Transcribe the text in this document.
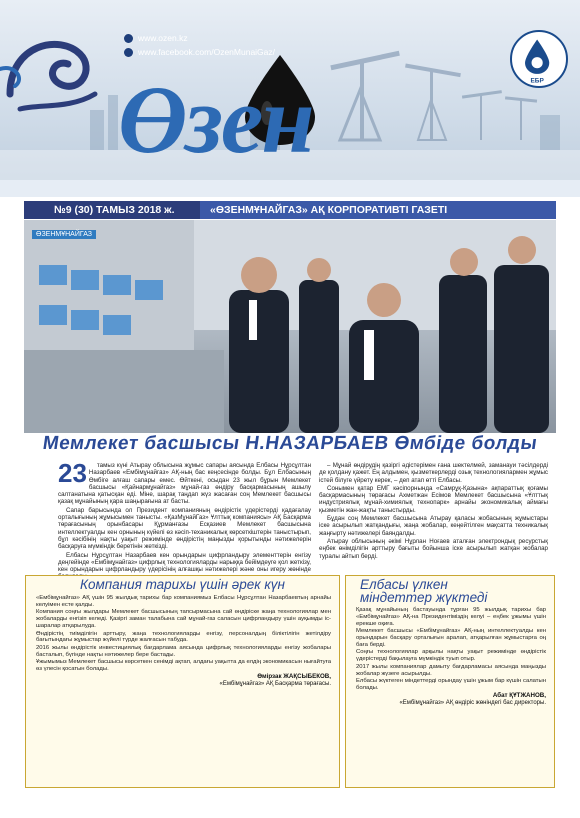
www.ozen.kz
www.facebook.com/OzenMunaiGaz/
Өзен	ЕБР
№9 (30) ТАМЫЗ 2018 ж.	«ӨЗЕНМҰНАЙГАЗ» АҚ КОРПОРАТИВТІ ГАЗЕТІ
ӨЗЕНМҰНАЙГАЗ
Мемлекет басшысы Н.НАЗАРБАЕВ Өмбіде болды
23	тамыз күні Атырау облысына жұмыс сапары аясында Елбасы Нұрсұлтан Назарбаев «Ембімұнайгаз» АҚ-ның бас кеңсесінде болды. Бұл Елбасының Өмбіге алғаш сапары емес. Өйткені, осыдан 23 жыл бұрын Мемлекет басшысы «Қайнармұнайгаз» мұнай-газ өндіру басқармасының ашылу салтанатына қатысқан еді. Міне, шарақ таңдап жүз жасаған соң Мемлекет басшысы қазақ мұнайының қара шаңырағына ат басты.

Сапар барысында ол Президент компанияның өндірістік үдерістерді қадағалау орталығының жұмысымен танысты. «ҚазМұнайГаз» Ұлттық компаниясы» АҚ Басқарма төрағасының орынбасары Құрманғазы Есқазиев Мемлекет басшысына интеллектуалды кен орнының күйелі өз кәсіп-теханикалық көрсеткіштерін таныстырып, бұл кәсібінің нақты уақыт режимінде өндірістің маңызды қорытынды нәтижелерін басқаруға мүмкіндік беретінін жеткізді.

Елбасы Нұрсұлтан Назарбаев кен орындарын цифрландыру элементтерін енгізу деңгейінде «Ембімұнайгаз» цифрлық технологияларды нарыққа бейімдеуге қол жеткізу, кен орындарын цифрландыру үдерісінің алғашқы нәтижелері және оны игеру жөнінде

– Мұнай өндірудің қазіргі әдістерімен ғана шектелмей, заманауи тәсілдерді де қолдану қажет. Ең алдымен, қызметкерлерді озық технологиялармен жұмыс істей білуге үйрету керек, – деп атап өтті Елбасы.

Сонымен қатар ЕМГ кәсіпорнында «Самрұқ-Қазына» ақпараттық қоғамы басқармасының төрағасы Ахметжан Есімов Мемлекет басшысына «Ұлттық индустриялық мұнай-химиялық технопарк» арнайы экономикалық аймағы қызметін жан-жақты таныстырды.

Бұдан соң Мемлекет басшысына Атырау қаласы жобасының жұмыстары іске асырылып жатқандығы, жаңа жобалар, кеңейтілген мақсатта техникалық жаңғырту нәтижелері баяндалды.

Атырау облысының әкімі Нұрлан Ноғаев аталған электрондық ресурстық еңбек өнімділігін арттыру бағыты бойынша іске асырылып жатқан жобалар туралы айтып берді.

Компания тарихы үшін әрек күн

«Ембімұнайгаз» АҚ үшін 95 жылдық тарихы бар компаниямыз Елбасы Нұрсұлтан Назарбаевтың арнайы келуімен есте қалды.

Компания соңғы жылдары Мемлекет басшысының тапсырмасына сай өндіріске жаңа технологиялар мен жобаларды енгізіп келеді. Қазіргі заман талабына сай мұнай-газ саласын цифрландыру үшін ауқымды іс-шаралар атқарылуда.

Өндірістің тиімділігін арттыру, жаңа технологияларды енгізу, персоналдың біліктілігін жетілдіру бағытындағы жұмыстар жүйелі түрде жалғасын табуда.

2016 жылы өндірістік инвестициялық бағдарлама аясында цифрлық технологияларды енгізу жобалары басталып, бүгінде нақты нәтижелер бере бастады.

Ұжымымыз Мемлекет басшысы көрсеткен сенімді ақтап, алдағы уақытта да елдің экономикасын нығайтуға өз үлесін қосатын болады.

Өмірзак ЖАҚСЫБЕКОВ,
«Ембімұнайгаз» АҚ Басқарма төрағасы.
Елбасы үлкен
міндеттер жүктеді

Қазақ мұнайының бастауында тұрған 95 жылдық тарихы бар «Ембімұнайгаз» АҚ-на Президентіміздің келуі – еңбек ұжымы үшін ерекше оқиға.

Мемлекет басшысы «Ембімұнайгаз» АҚ-ның интеллектуалды кен орындарын басқару орталығын аралап, атқарылған жұмыстарға оң баға берді.

Соңғы технологиялар арқылы нақты уақыт режимінде өндірістік үдерістерді бақылауға мүмкіндік туып отыр.

2017 жылы компаниялар дамыту бағдарламасы аясында маңызды жобалар жүзеге асырылды.

Елбасы жүктеген міндеттерді орындау үшін ұжым бар күшін салатын болады.

Абат ҚҰТЖАНОВ,
«Ембімұнайгаз» АҚ өндіріс жөніндегі бас директоры.
